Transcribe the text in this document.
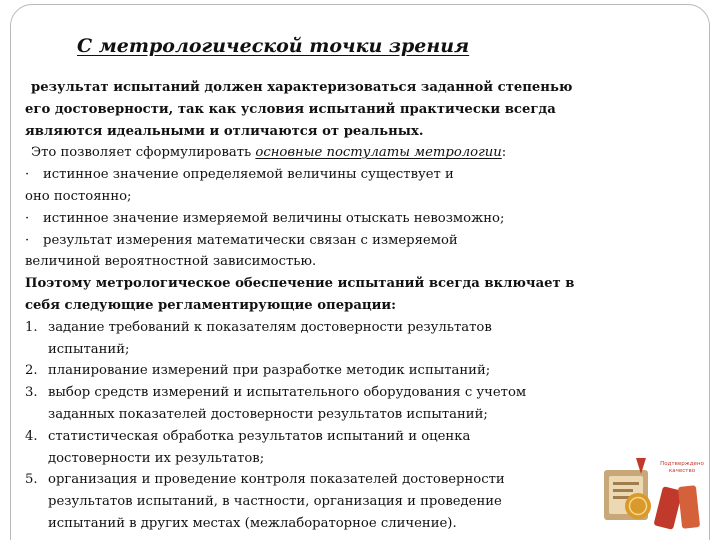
С метрологической точки зрения
результат испытаний должен характеризоваться заданной степенью
его достоверности, так как условия испытаний практически всегда
являются идеальными и отличаются от реальных.
Это позволяет сформулировать основные постулаты метрологии:
· истинное значение определяемой величины существует и
оно постоянно;
· истинное значение измеряемой величины отыскать невозможно;
· результат измерения математически связан с измеряемой
величиной вероятностной зависимостью.
Поэтому метрологическое обеспечение испытаний всегда включает в
себя следующие регламентирующие операции:
1. задание требований к показателям достоверности результатов
испытаний;
2. планирование измерений при разработке методик испытаний;
3. выбор средств измерений и испытательного оборудования с учетом
заданных показателей достоверности результатов испытаний;
4. статистическая обработка результатов испытаний и оценка
достоверности их результатов;
5. организация и проведение контроля показателей достоверности
результатов испытаний, в частности, организация и проведение
испытаний в других местах (межлабораторное сличение).
Подтверждено
качество
